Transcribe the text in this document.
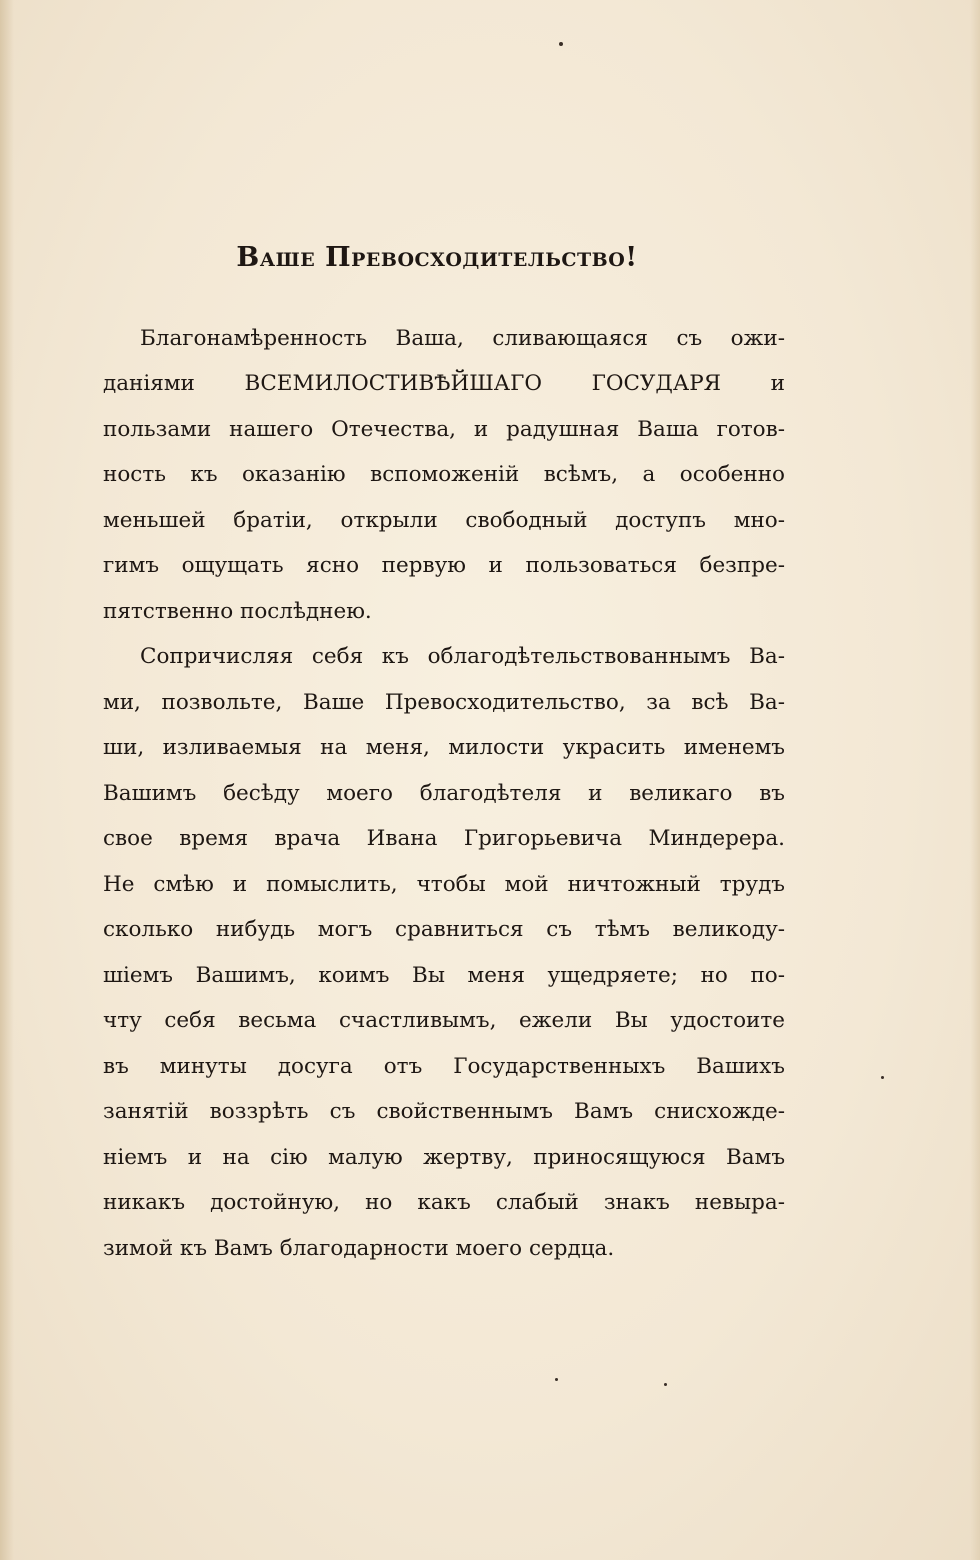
Ваше Превосходительство!
Благонамѣренность Ваша, сливающаяся съ ожи-
даніями ВСЕМИЛОСТИВѢЙШАГО ГОСУДАРЯ и
пользами нашего Отечества, и радушная Ваша готов-
ность къ оказанію вспоможеній всѣмъ, а особенно
меньшей братіи, открыли свободный доступъ мно-
гимъ ощущать ясно первую и пользоваться безпре-
пятственно послѣднею.
Сопричисляя себя къ облагодѣтельствованнымъ Ва-
ми, позвольте, Ваше Превосходительство, за всѣ Ва-
ши, изливаемыя на меня, милости украсить именемъ
Вашимъ бесѣду моего благодѣтеля и великаго въ
свое время врача Ивана Григорьевича Миндерера.
Не смѣю и помыслить, чтобы мой ничтожный трудъ
сколько нибудь могъ сравниться съ тѣмъ великоду-
шіемъ Вашимъ, коимъ Вы меня ущедряете; но по-
чту себя весьма счастливымъ, ежели Вы удостоите
въ минуты досуга отъ Государственныхъ Вашихъ
занятій воззрѣть съ свойственнымъ Вамъ снисхожде-
ніемъ и на сію малую жертву, приносящуюся Вамъ
никакъ достойную, но какъ слабый знакъ невыра-
зимой къ Вамъ благодарности моего сердца.
